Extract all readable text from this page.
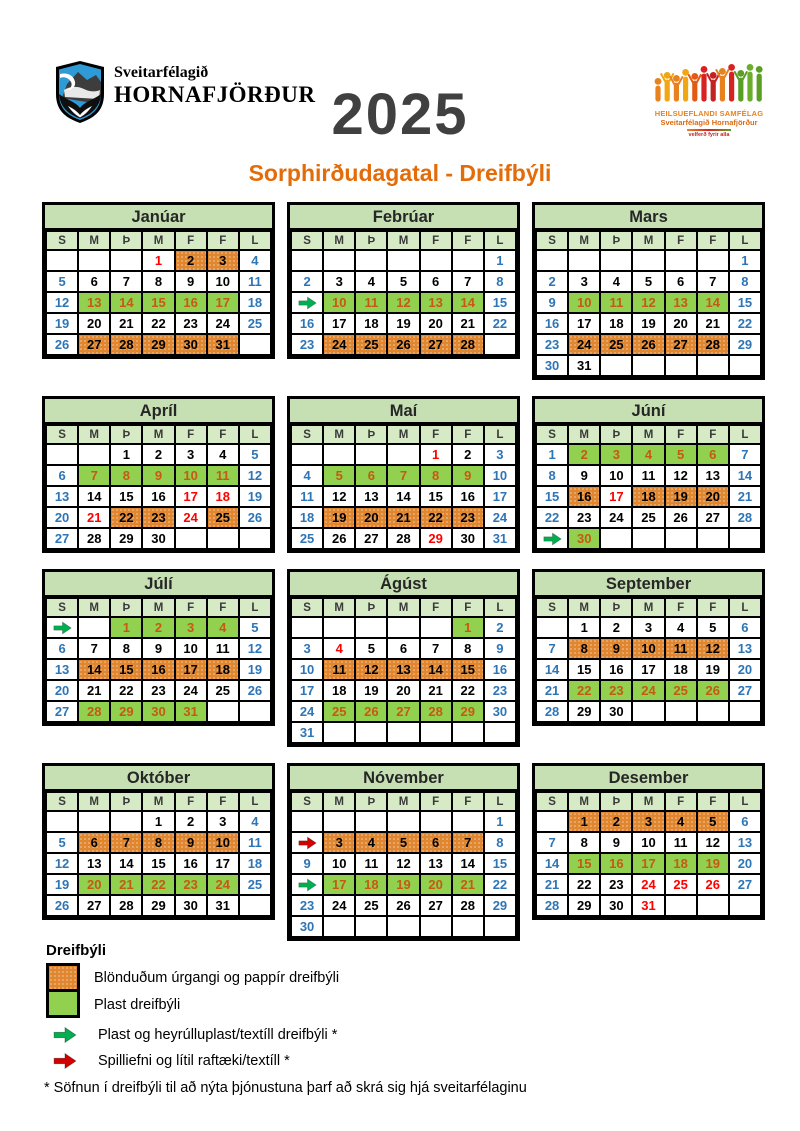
Sveitarfélagið
HORNAFJÖRÐUR 2025
Sorphirðudagatal - Dreifbýli
HEILSUEFLANDI SAMFÉLAG
Sveitarfélagið Hornafjörður
velferð fyrir alla
Janúar
S	M	Þ	M	F	F	L
			1	2	3	4
5	6	7	8	9	10	11
12	13	14	15	16	17	18
19	20	21	22	23	24	25
26	27	28	29	30	31	
Febrúar
S	M	Þ	M	F	F	L
						1
2	3	4	5	6	7	8

	10	11	12	13	14	15
16	17	18	19	20	21	22
23	24	25	26	27	28	
Mars
S	M	Þ	M	F	F	L
						1
2	3	4	5	6	7	8
9	10	11	12	13	14	15
16	17	18	19	20	21	22
23	24	25	26	27	28	29
30	31					
Apríl
S	M	Þ	M	F	F	L
		1	2	3	4	5
6	7	8	9	10	11	12
13	14	15	16	17	18	19
20	21	22	23	24	25	26
27	28	29	30			
Maí
S	M	Þ	M	F	F	L
				1	2	3
4	5	6	7	8	9	10
11	12	13	14	15	16	17
18	19	20	21	22	23	24
25	26	27	28	29	30	31
Júní
S	M	Þ	M	F	F	L
1	2	3	4	5	6	7
8	9	10	11	12	13	14
15	16	17	18	19	20	21
22	23	24	25	26	27	28

	30					
Júlí
S	M	Þ	M	F	F	L

		1	2	3	4	5
6	7	8	9	10	11	12
13	14	15	16	17	18	19
20	21	22	23	24	25	26
27	28	29	30	31		
Ágúst
S	M	Þ	M	F	F	L
					1	2
3	4	5	6	7	8	9
10	11	12	13	14	15	16
17	18	19	20	21	22	23
24	25	26	27	28	29	30
31						
September
S	M	Þ	M	F	F	L
	1	2	3	4	5	6
7	8	9	10	11	12	13
14	15	16	17	18	19	20
21	22	23	24	25	26	27
28	29	30				
Október
S	M	Þ	M	F	F	L
			1	2	3	4
5	6	7	8	9	10	11
12	13	14	15	16	17	18
19	20	21	22	23	24	25
26	27	28	29	30	31	
Nóvember
S	M	Þ	M	F	F	L
						1

	3	4	5	6	7	8
9	10	11	12	13	14	15

	17	18	19	20	21	22
23	24	25	26	27	28	29
30						
Desember
S	M	Þ	M	F	F	L
	1	2	3	4	5	6
7	8	9	10	11	12	13
14	15	16	17	18	19	20
21	22	23	24	25	26	27
28	29	30	31			
Dreifbýli
Blönduðum úrgangi og pappír dreifbýli
Plast dreifbýli
Plast og heyrúlluplast/textíll dreifbýli *
Spilliefni og lítil raftæki/textíll *
* Söfnun í dreifbýli til að nýta þjónustuna þarf að skrá sig hjá sveitarfélaginu
